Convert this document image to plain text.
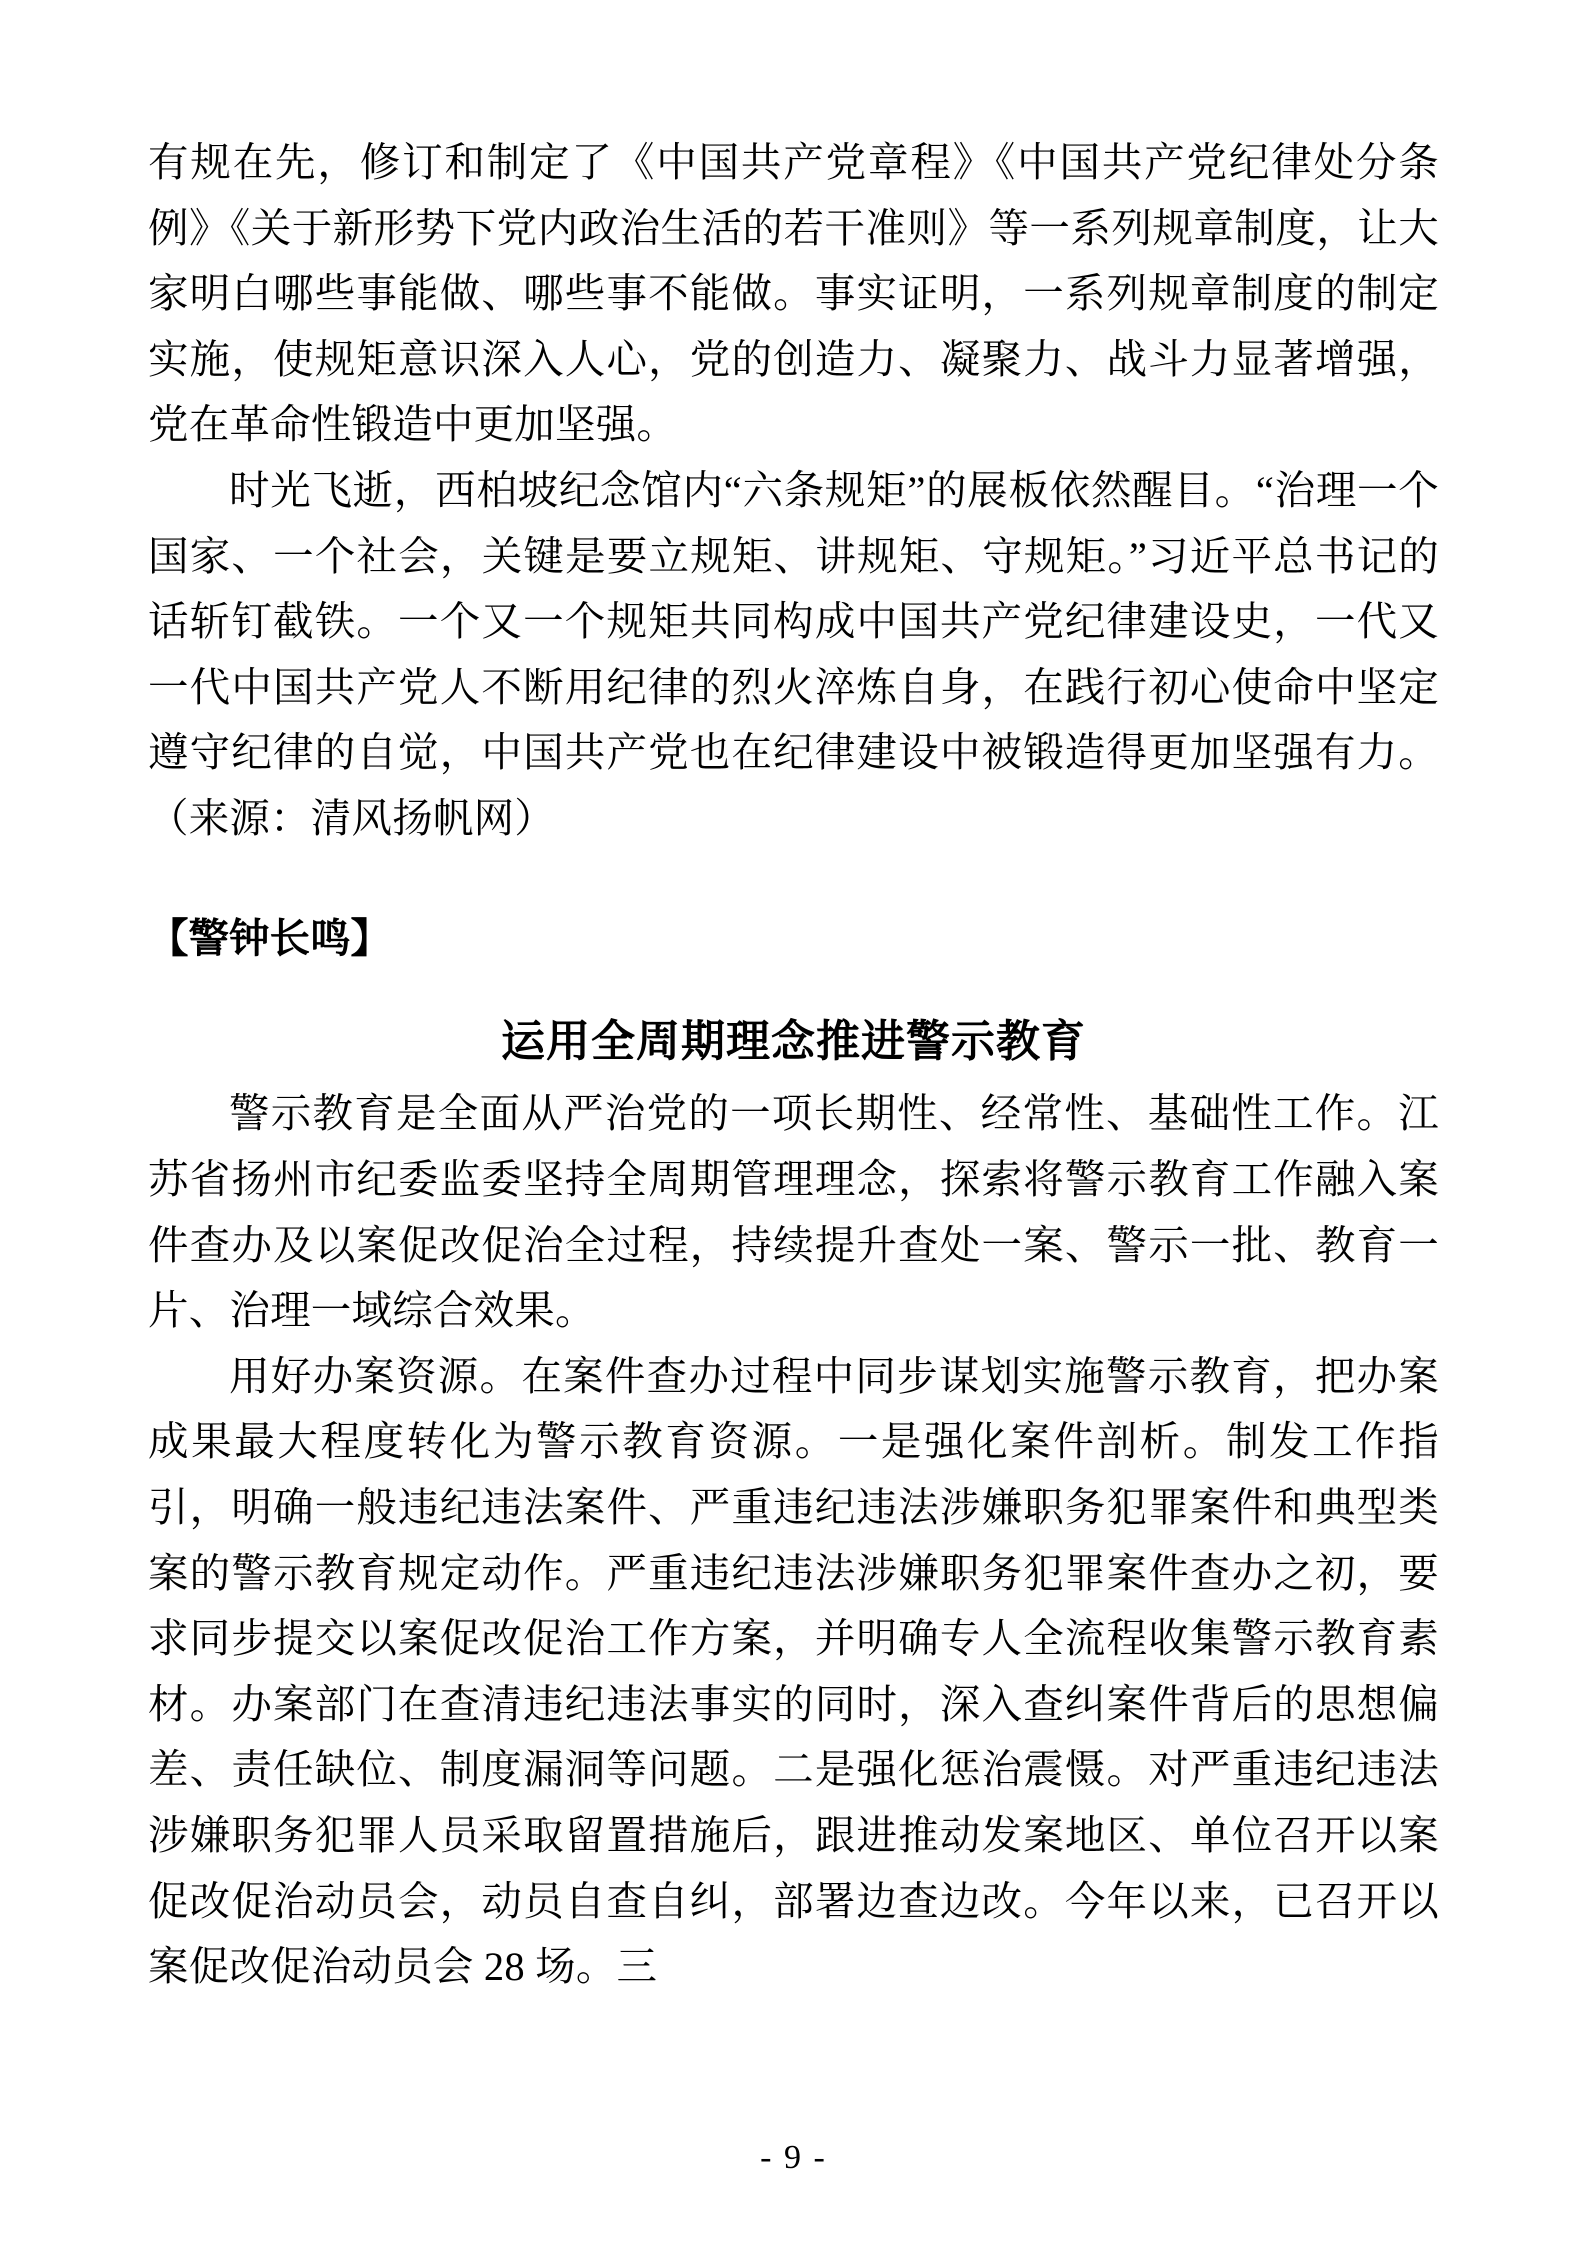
有规在先，修订和制定了《中国共产党章程》《中国共产党纪律处分条例》《关于新形势下党内政治生活的若干准则》等一系列规章制度，让大家明白哪些事能做、哪些事不能做。事实证明，一系列规章制度的制定实施，使规矩意识深入人心，党的创造力、凝聚力、战斗力显著增强，党在革命性锻造中更加坚强。

时光飞逝，西柏坡纪念馆内“六条规矩”的展板依然醒目。“治理一个国家、一个社会，关键是要立规矩、讲规矩、守规矩。”习近平总书记的话斩钉截铁。一个又一个规矩共同构成中国共产党纪律建设史，一代又一代中国共产党人不断用纪律的烈火淬炼自身，在践行初心使命中坚定遵守纪律的自觉，中国共产党也在纪律建设中被锻造得更加坚强有力。（来源：清风扬帆网）

【警钟长鸣】

运用全周期理念推进警示教育

警示教育是全面从严治党的一项长期性、经常性、基础性工作。江苏省扬州市纪委监委坚持全周期管理理念，探索将警示教育工作融入案件查办及以案促改促治全过程，持续提升查处一案、警示一批、教育一片、治理一域综合效果。

用好办案资源。在案件查办过程中同步谋划实施警示教育，把办案成果最大程度转化为警示教育资源。一是强化案件剖析。制发工作指引，明确一般违纪违法案件、严重违纪违法涉嫌职务犯罪案件和典型类案的警示教育规定动作。严重违纪违法涉嫌职务犯罪案件查办之初，要求同步提交以案促改促治工作方案，并明确专人全流程收集警示教育素材。办案部门在查清违纪违法事实的同时，深入查纠案件背后的思想偏差、责任缺位、制度漏洞等问题。二是强化惩治震慑。对严重违纪违法涉嫌职务犯罪人员采取留置措施后，跟进推动发案地区、单位召开以案促改促治动员会，动员自查自纠，部署边查边改。今年以来，已召开以案促改促治动员会 28 场。三

- 9 -
